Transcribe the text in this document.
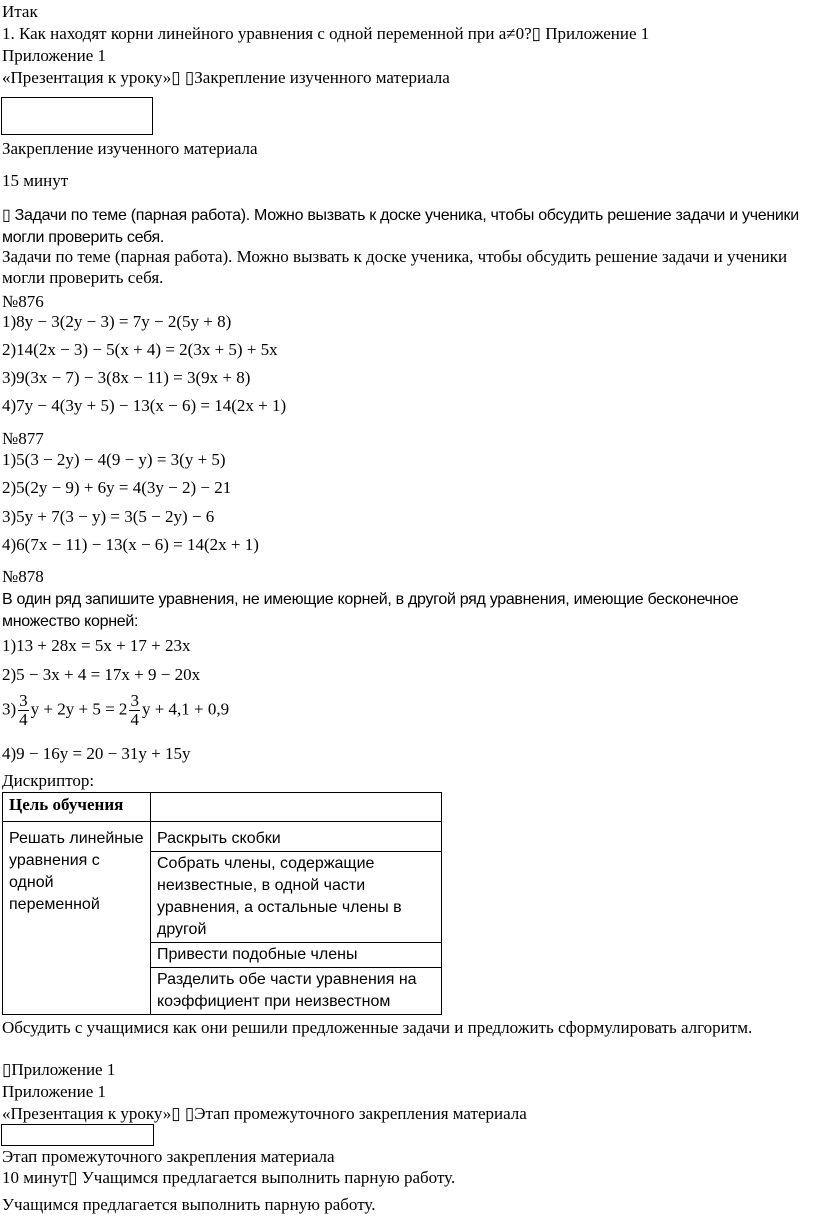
Итак
1. Как находят корни линейного уравнения с одной переменной при а≠0?▯ Приложение 1
Приложение 1
«Презентация к уроку»▯ ▯Закрепление изученного материала
Закрепление изученного материала
15 минут
▯ Задачи по теме (парная работа). Можно вызвать к доске ученика, чтобы обсудить решение задачи и ученики могли проверить себя.
Задачи по теме (парная работа). Можно вызвать к доске ученика, чтобы обсудить решение задачи и ученики могли проверить себя.
№876
1)8y − 3(2y − 3) = 7y − 2(5y + 8)
2)14(2x − 3) − 5(x + 4) = 2(3x + 5) + 5x
3)9(3x − 7) − 3(8x − 11) = 3(9x + 8)
4)7y − 4(3y + 5) − 13(x − 6) = 14(2x + 1)
№877
1)5(3 − 2y) − 4(9 − y) = 3(y + 5)
2)5(2y − 9) + 6y = 4(3y − 2) − 21
3)5y + 7(3 − y) = 3(5 − 2y) − 6
4)6(7x − 11) − 13(x − 6) = 14(2x + 1)
№878
В один ряд запишите уравнения, не имеющие корней, в другой ряд уравнения, имеющие бесконечное множество корней:
1)13 + 28x = 5x + 17 + 23x
2)5 − 3x + 4 = 17x + 9 − 20x
$3) \frac{3}{4}$ $y + 2y + 5 = 2 \frac{3}{4}$ y + 4,1 + 0,9
4)9 − 16y = 20 − 31y + 15y
Дискриптор:
Цель обучения	
Решать линейные уравнения с одной переменной	Раскрыть скобки
	Собрать члены, содержащие неизвестные, в одной части уравнения, а остальные члены в другой
	Привести подобные члены
	Разделить обе части уравнения на коэффициент при неизвестном
Обсудить с учащимися как они решили предложенные задачи и предложить сформулировать алгоритм.
▯Приложение 1
Приложение 1
«Презентация к уроку»▯ ▯Этап промежуточного закрепления материала
Этап промежуточного закрепления материала
10 минут▯ Учащимся предлагается выполнить парную работу.
Учащимся предлагается выполнить парную работу.
